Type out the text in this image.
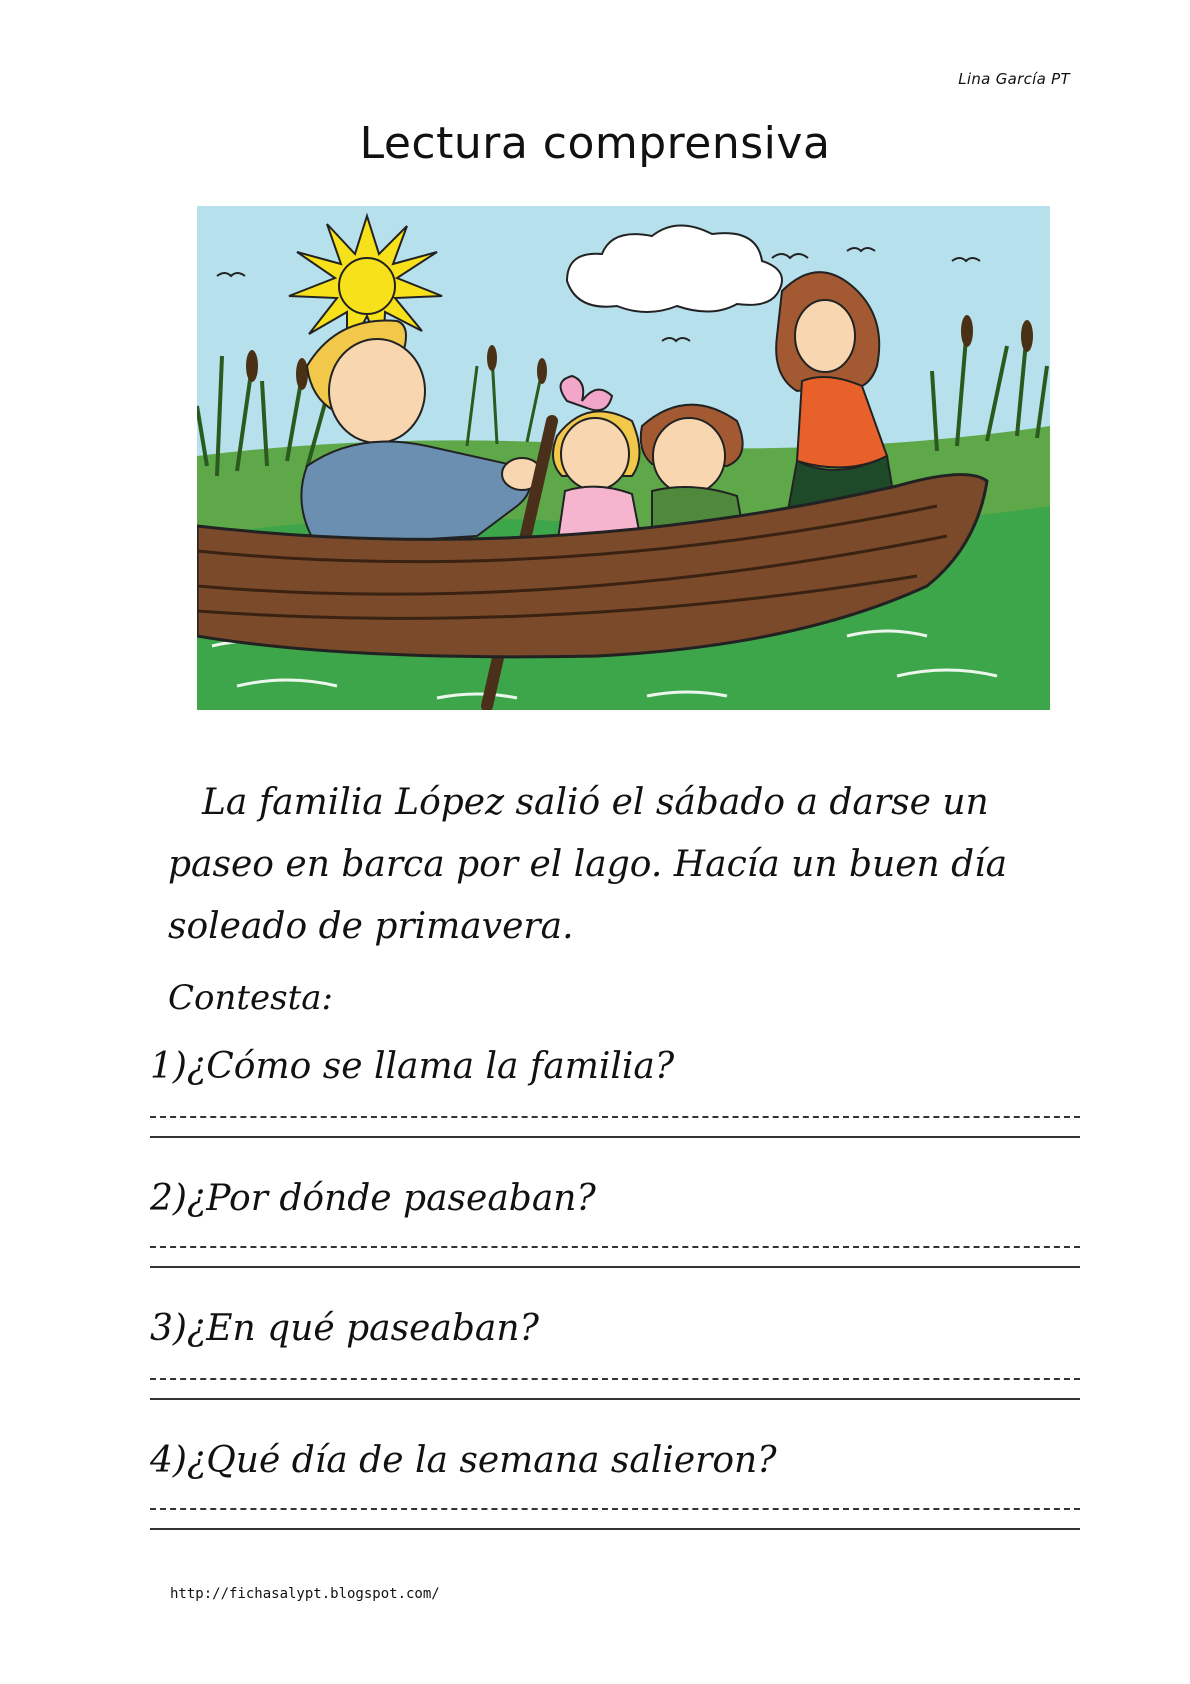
Lina García PT
Lectura comprensiva
La familia López salió el sábado a darse un
paseo en barca por el lago. Hacía un buen día
soleado de primavera.
Contesta:
1)¿Cómo se llama la familia?
2)¿Por dónde paseaban?
3)¿En qué paseaban?
4)¿Qué día de la semana salieron?
http://fichasalypt.blogspot.com/
